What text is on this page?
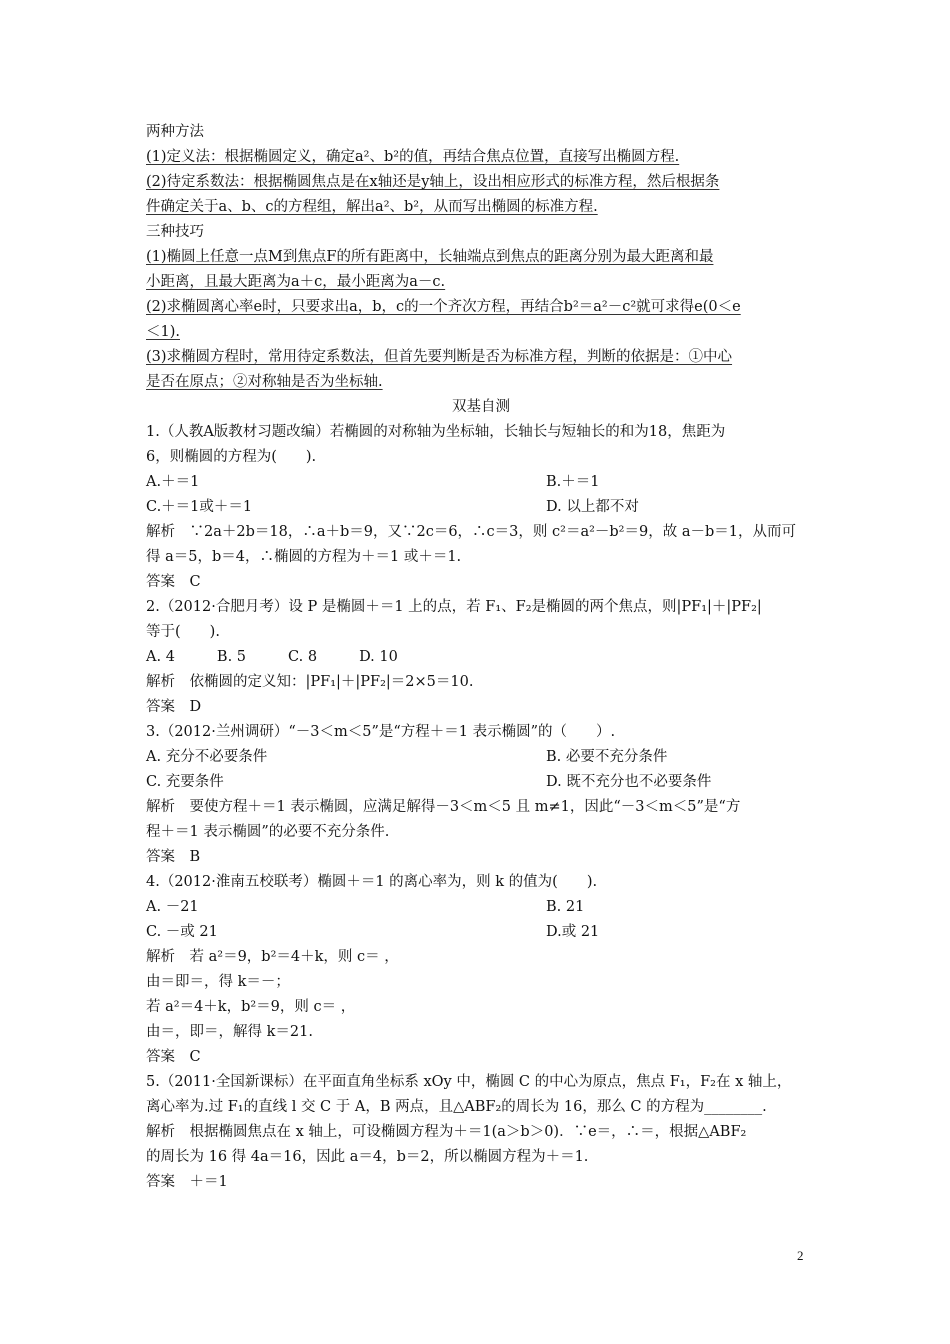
两种方法
(1)定义法：根据椭圆定义，确定a²、b²的值，再结合焦点位置，直接写出椭圆方程.
(2)待定系数法：根据椭圆焦点是在x轴还是y轴上，设出相应形式的标准方程，然后根据条
件确定关于a、b、c的方程组，解出a²、b²，从而写出椭圆的标准方程.
三种技巧
(1)椭圆上任意一点M到焦点F的所有距离中，长轴端点到焦点的距离分别为最大距离和最
小距离，且最大距离为a＋c，最小距离为a－c.
(2)求椭圆离心率e时，只要求出a，b，c的一个齐次方程，再结合b²＝a²－c²就可求得e(0＜e
＜1).
(3)求椭圆方程时，常用待定系数法，但首先要判断是否为标准方程，判断的依据是：①中心
是否在原点；②对称轴是否为坐标轴.
双基自测
1.（人教A版教材习题改编）若椭圆的对称轴为坐标轴，长轴长与短轴长的和为18，焦距为
6，则椭圆的方程为(　　).
A.＋＝1	B.＋＝1
C.＋＝1或＋＝1	D. 以上都不对
解析　∵2a＋2b＝18，∴a＋b＝9，又∵2c＝6，∴c＝3，则 c²＝a²－b²＝9，故 a－b＝1，从而可
得 a＝5，b＝4，∴椭圆的方程为＋＝1 或＋＝1.
答案　C
2.（2012·合肥月考）设 P 是椭圆＋＝1 上的点，若 F₁、F₂是椭圆的两个焦点，则|PF₁|＋|PF₂|
等于(　　).
A. 4	B. 5	C. 8	D. 10
解析　依椭圆的定义知：|PF₁|＋|PF₂|＝2×5＝10.
答案　D
3.（2012·兰州调研）“－3＜m＜5”是“方程＋＝1 表示椭圆”的（　　）.
A. 充分不必要条件	B. 必要不充分条件
C. 充要条件	D. 既不充分也不必要条件
解析　要使方程＋＝1 表示椭圆，应满足解得－3＜m＜5 且 m≠1，因此“－3＜m＜5”是“方
程＋＝1 表示椭圆”的必要不充分条件.
答案　B
4.（2012·淮南五校联考）椭圆＋＝1 的离心率为，则 k 的值为(　　).
A. －21	B. 21
C. －或 21	D.或 21
解析　若 a²＝9，b²＝4＋k，则 c＝ ，
由＝即＝，得 k＝－；
若 a²＝4＋k，b²＝9，则 c＝ ，
由＝，即＝，解得 k＝21.
答案　C
5.（2011·全国新课标）在平面直角坐标系 xOy 中，椭圆 C 的中心为原点，焦点 F₁，F₂在 x 轴上，
离心率为.过 F₁的直线 l 交 C 于 A，B 两点，且△ABF₂的周长为 16，那么 C 的方程为________.
解析　根据椭圆焦点在 x 轴上，可设椭圆方程为＋＝1(a＞b＞0)．∵e＝，∴＝，根据△ABF₂
的周长为 16 得 4a＝16，因此 a＝4，b＝2，所以椭圆方程为＋＝1.
答案　＋＝1
2
